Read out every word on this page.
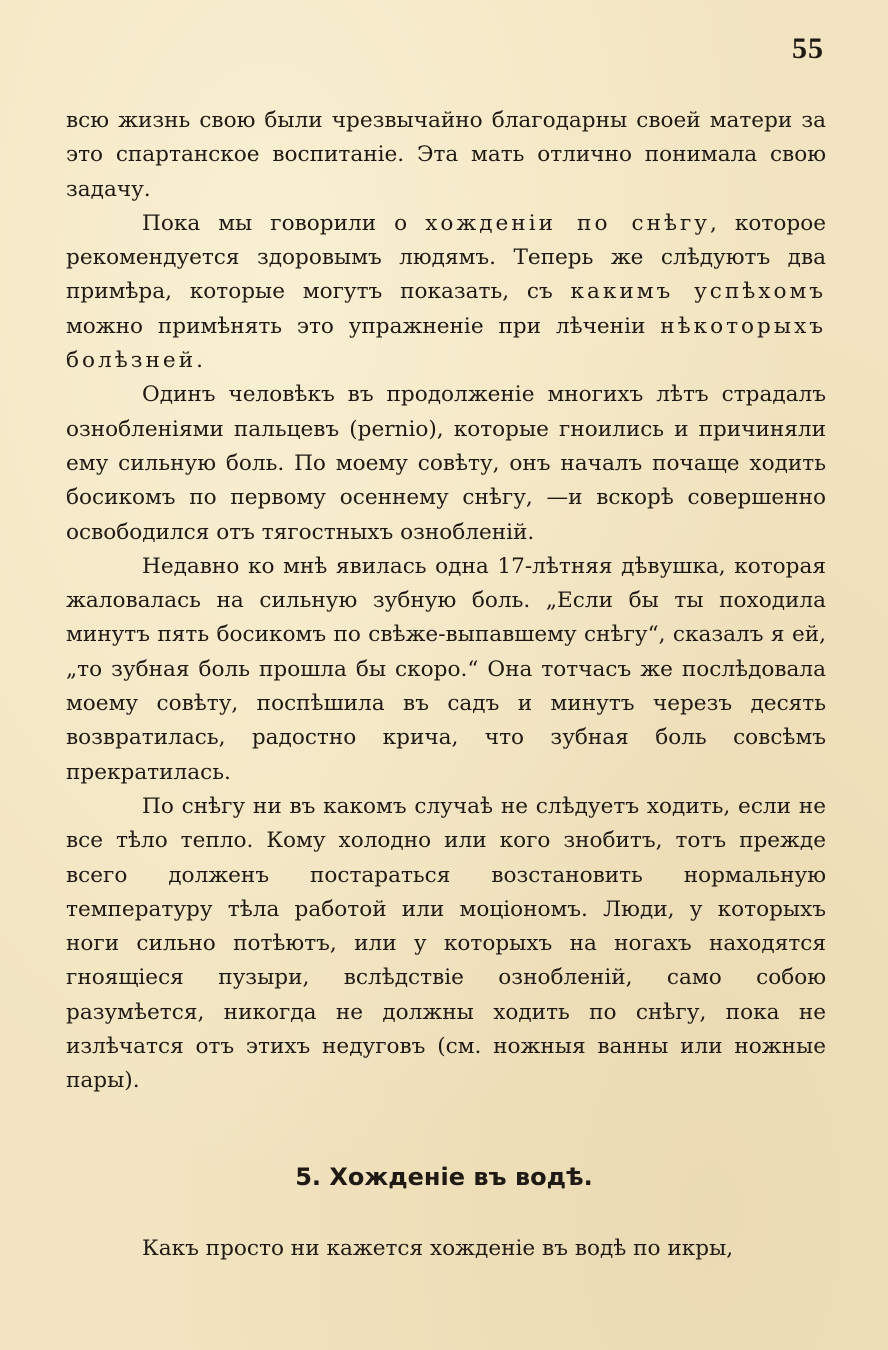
55

всю жизнь свою были чрезвычайно благодарны своей матери за это спартанское воспитаніе. Эта мать отлично понимала свою задачу.

Пока мы говорили о хожденіи по снѣгу, которое рекомендуется здоровымъ людямъ. Теперь же слѣдуютъ два примѣра, которые могутъ показать, съ какимъ успѣхомъ можно примѣнять это упражненіе при лѣченіи нѣкоторыхъ болѣзней.

Одинъ человѣкъ въ продолженіе многихъ лѣтъ страдалъ ознобленіями пальцевъ (pernio), которые гноились и причиняли ему сильную боль. По моему совѣту, онъ началъ почаще ходить босикомъ по первому осеннему снѣгу, —и вскорѣ совершенно освободился отъ тягостныхъ ознобленій.

Недавно ко мнѣ явилась одна 17-лѣтняя дѣвушка, которая жаловалась на сильную зубную боль. „Если бы ты походила минутъ пять босикомъ по свѣже-выпавшему снѣгу“, сказалъ я ей, „то зубная боль прошла бы скоро.“ Она тотчасъ же послѣдовала моему совѣту, поспѣшила въ садъ и минутъ черезъ десять возвратилась, радостно крича, что зубная боль совсѣмъ прекратилась.

По снѣгу ни въ какомъ случаѣ не слѣдуетъ ходить, если не все тѣло тепло. Кому холодно или кого знобитъ, тотъ прежде всего долженъ постараться возстановить нормальную температуру тѣла работой или моціономъ. Люди, у которыхъ ноги сильно потѣютъ, или у которыхъ на ногахъ находятся гноящіеся пузыри, вслѣдствіе ознобленій, само собою разумѣется, никогда не должны ходить по снѣгу, пока не излѣчатся отъ этихъ недуговъ (см. ножныя ванны или ножные пары).

5. Хожденіе въ водѣ.

Какъ просто ни кажется хожденіе въ водѣ по икры,
